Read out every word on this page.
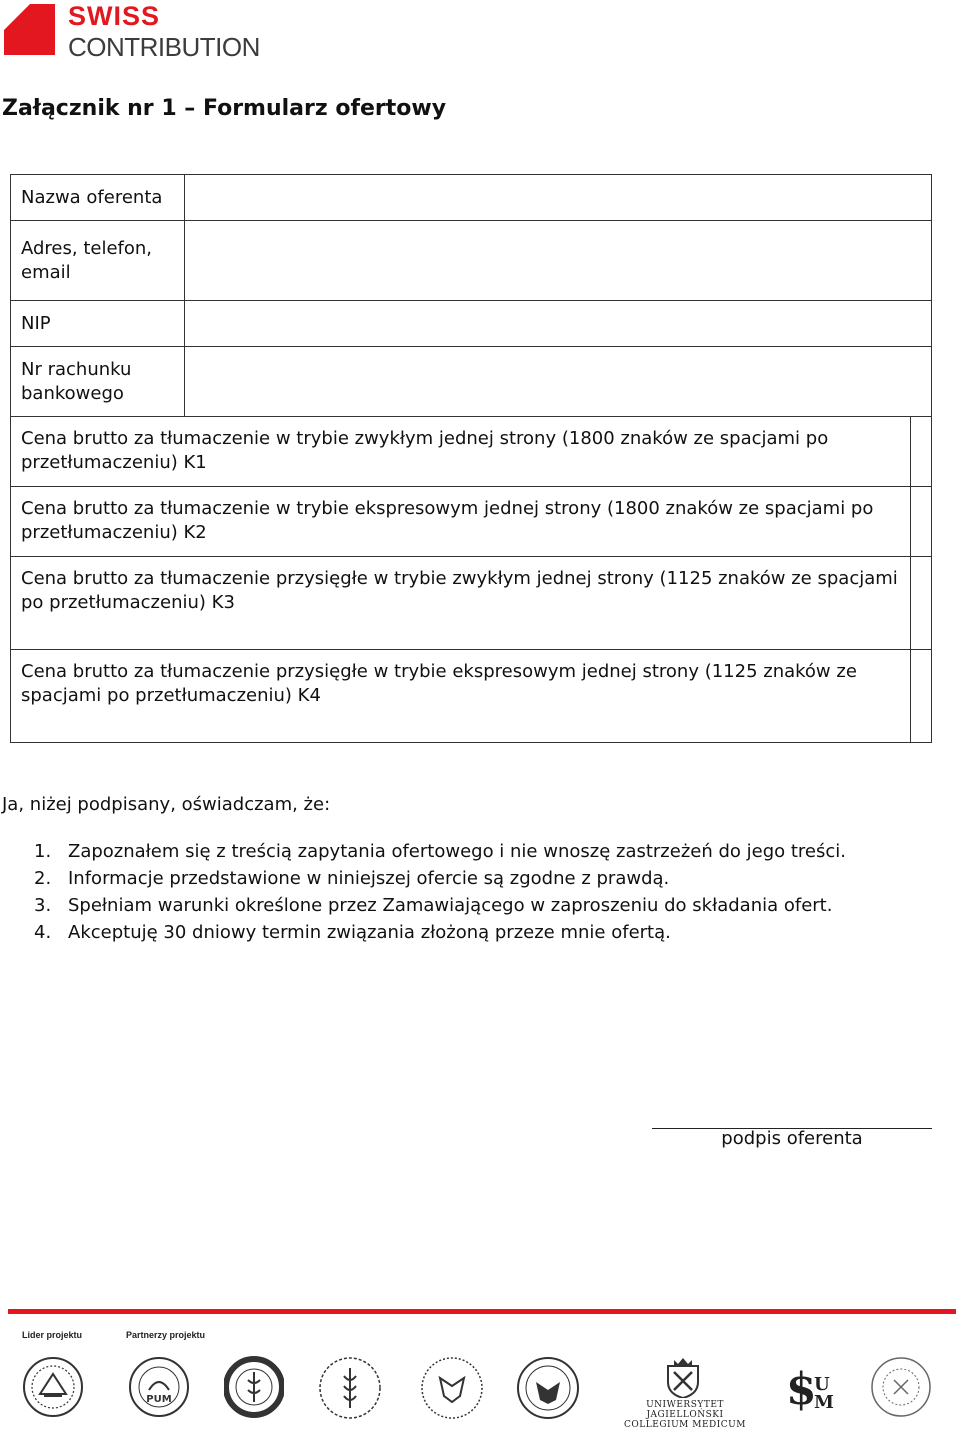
SWISS
CONTRIBUTION
Załącznik nr 1 – Formularz ofertowy
Nazwa oferenta		
Adres, telefon, email		
NIP		
Nr rachunku bankowego		
Cena brutto za tłumaczenie w trybie zwykłym jednej strony (1800 znaków ze spacjami po przetłumaczeniu) K1		
Cena brutto za tłumaczenie w trybie ekspresowym jednej strony (1800 znaków ze spacjami po przetłumaczeniu) K2		
Cena brutto za tłumaczenie przysięgłe w trybie zwykłym jednej strony (1125 znaków ze spacjami po przetłumaczeniu) K3		
Cena brutto za tłumaczenie przysięgłe w trybie ekspresowym jednej strony (1125 znaków ze spacjami po przetłumaczeniu) K4		
Ja, niżej podpisany, oświadczam, że:
1. Zapoznałem się z treścią zapytania ofertowego i nie wnoszę zastrzeżeń do jego treści.
2. Informacje przedstawione w niniejszej ofercie są zgodne z prawdą.
3. Spełniam warunki określone przez Zamawiającego w zaproszeniu do składania ofert.
4. Akceptuję 30 dniowy termin związania złożoną przeze mnie ofertą.
podpis oferenta
Lider projektu	Partnerzy projektu
PUM	UNIWERSYTET JAGIELLOŃSKI
COLLEGIUM MEDICUM
$
U
M
